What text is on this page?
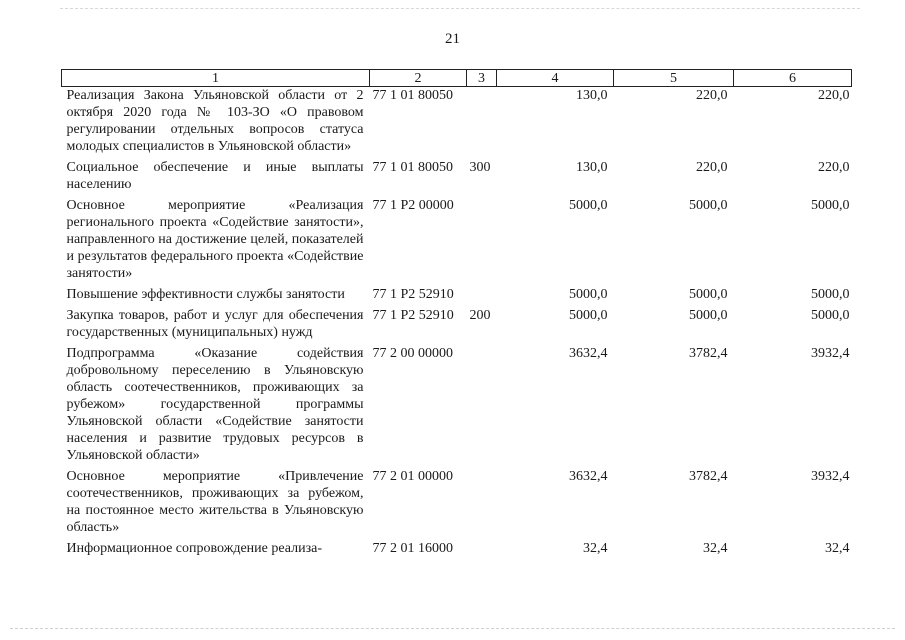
21
1	2	3	4	5	6
Реализация Закона Ульяновской области от 2 октября 2020 года № 103-ЗО «О правовом регулировании отдельных вопросов статуса молодых специалистов в Ульяновской области»	77 1 01 80050		130,0	220,0	220,0
Социальное обеспечение и иные выплаты населению	77 1 01 80050	300	130,0	220,0	220,0
Основное мероприятие «Реализация регионального проекта «Содействие занятости», направленного на достижение целей, показателей и результатов федерального проекта «Содействие занятости»	77 1 P2 00000		5000,0	5000,0	5000,0
Повышение эффективности службы занятости	77 1 P2 52910		5000,0	5000,0	5000,0
Закупка товаров, работ и услуг для обеспечения государственных (муниципальных) нужд	77 1 P2 52910	200	5000,0	5000,0	5000,0
Подпрограмма «Оказание содействия добровольному переселению в Ульяновскую область соотечественников, проживающих за рубежом» государственной программы Ульяновской области «Содействие занятости населения и развитие трудовых ресурсов в Ульяновской области»	77 2 00 00000		3632,4	3782,4	3932,4
Основное мероприятие «Привлечение соотечественников, проживающих за рубежом, на постоянное место жительства в Ульяновскую область»	77 2 01 00000		3632,4	3782,4	3932,4
Информационное сопровождение реализа-	77 2 01 16000		32,4	32,4	32,4
